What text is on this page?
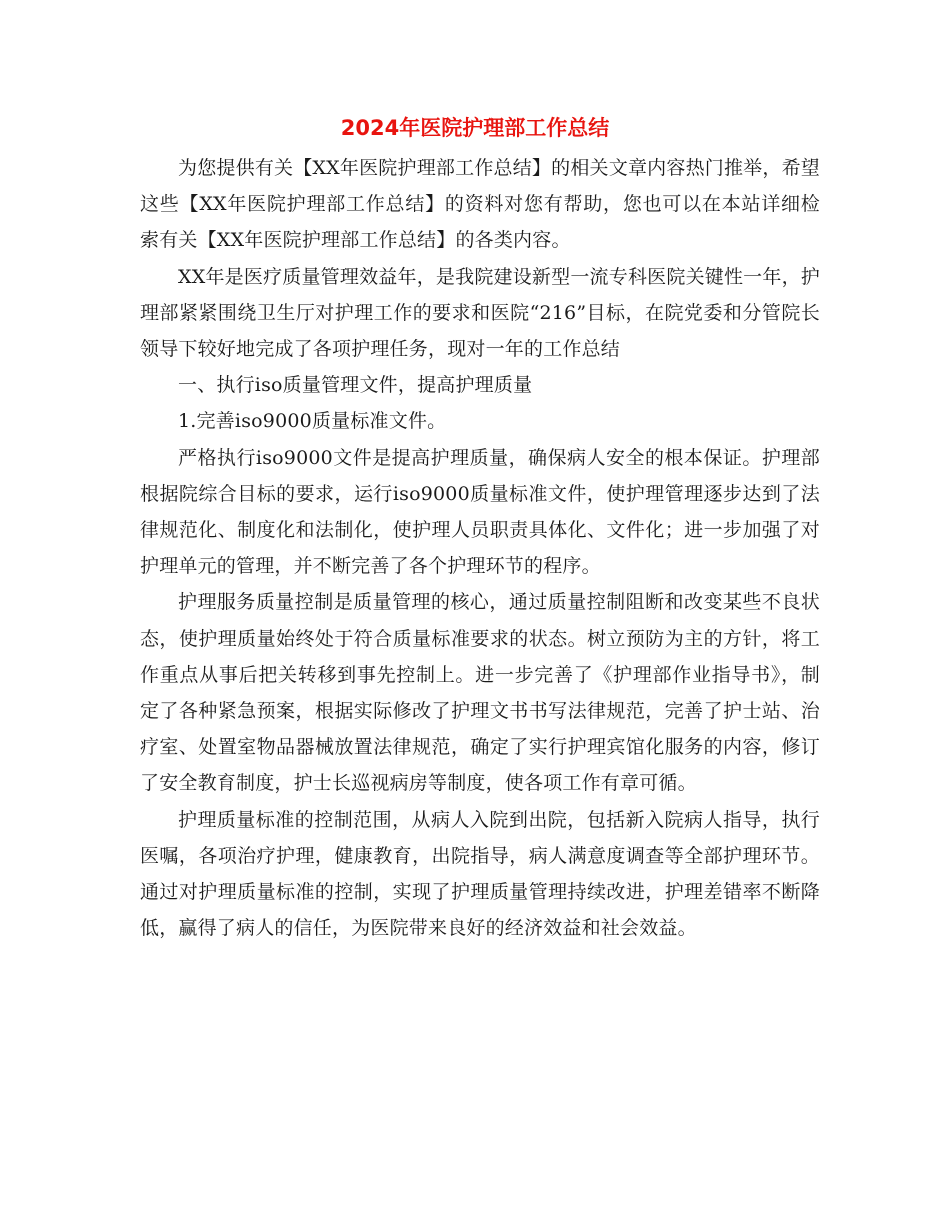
2024年医院护理部工作总结

为您提供有关【XX年医院护理部工作总结】的相关文章内容热门推举，希望这些【XX年医院护理部工作总结】的资料对您有帮助，您也可以在本站详细检索有关【XX年医院护理部工作总结】的各类内容。

XX年是医疗质量管理效益年，是我院建设新型一流专科医院关键性一年，护理部紧紧围绕卫生厅对护理工作的要求和医院“216”目标，在院党委和分管院长领导下较好地完成了各项护理任务，现对一年的工作总结

一、执行iso质量管理文件，提高护理质量

1.完善iso9000质量标准文件。

严格执行iso9000文件是提高护理质量，确保病人安全的根本保证。护理部根据院综合目标的要求，运行iso9000质量标准文件，使护理管理逐步达到了法律规范化、制度化和法制化，使护理人员职责具体化、文件化；进一步加强了对护理单元的管理，并不断完善了各个护理环节的程序。

护理服务质量控制是质量管理的核心，通过质量控制阻断和改变某些不良状态，使护理质量始终处于符合质量标准要求的状态。树立预防为主的方针，将工作重点从事后把关转移到事先控制上。进一步完善了《护理部作业指导书》，制定了各种紧急预案，根据实际修改了护理文书书写法律规范，完善了护士站、治疗室、处置室物品器械放置法律规范，确定了实行护理宾馆化服务的内容，修订了安全教育制度，护士长巡视病房等制度，使各项工作有章可循。

护理质量标准的控制范围，从病人入院到出院，包括新入院病人指导，执行医嘱，各项治疗护理，健康教育，出院指导，病人满意度调查等全部护理环节。通过对护理质量标准的控制，实现了护理质量管理持续改进，护理差错率不断降低，赢得了病人的信任，为医院带来良好的经济效益和社会效益。
